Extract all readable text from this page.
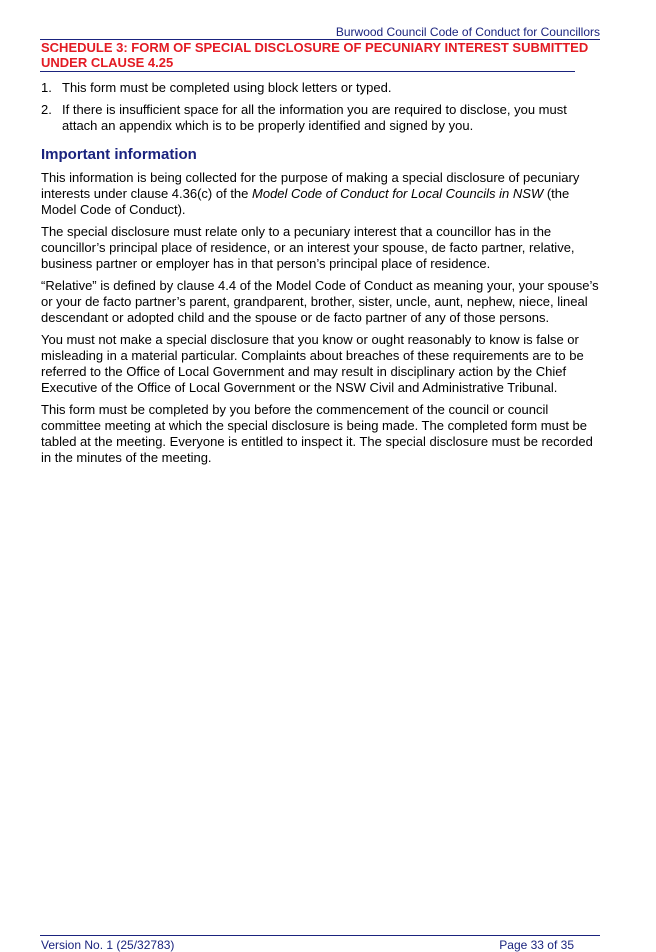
Burwood Council Code of Conduct for Councillors
SCHEDULE 3: FORM OF SPECIAL DISCLOSURE OF PECUNIARY INTEREST SUBMITTED UNDER CLAUSE 4.25
1. This form must be completed using block letters or typed.
2. If there is insufficient space for all the information you are required to disclose, you must attach an appendix which is to be properly identified and signed by you.
Important information

This information is being collected for the purpose of making a special disclosure of pecuniary interests under clause 4.36(c) of the Model Code of Conduct for Local Councils in NSW (the Model Code of Conduct).

The special disclosure must relate only to a pecuniary interest that a councillor has in the councillor’s principal place of residence, or an interest your spouse, de facto partner, relative, business partner or employer has in that person’s principal place of residence.

“Relative” is defined by clause 4.4 of the Model Code of Conduct as meaning your, your spouse’s or your de facto partner’s parent, grandparent, brother, sister, uncle, aunt, nephew, niece, lineal descendant or adopted child and the spouse or de facto partner of any of those persons.

You must not make a special disclosure that you know or ought reasonably to know is false or misleading in a material particular. Complaints about breaches of these requirements are to be referred to the Office of Local Government and may result in disciplinary action by the Chief Executive of the Office of Local Government or the NSW Civil and Administrative Tribunal.

This form must be completed by you before the commencement of the council or council committee meeting at which the special disclosure is being made. The completed form must be tabled at the meeting. Everyone is entitled to inspect it. The special disclosure must be recorded in the minutes of the meeting.

Version No. 1 (25/32783)	Page 33 of 35
